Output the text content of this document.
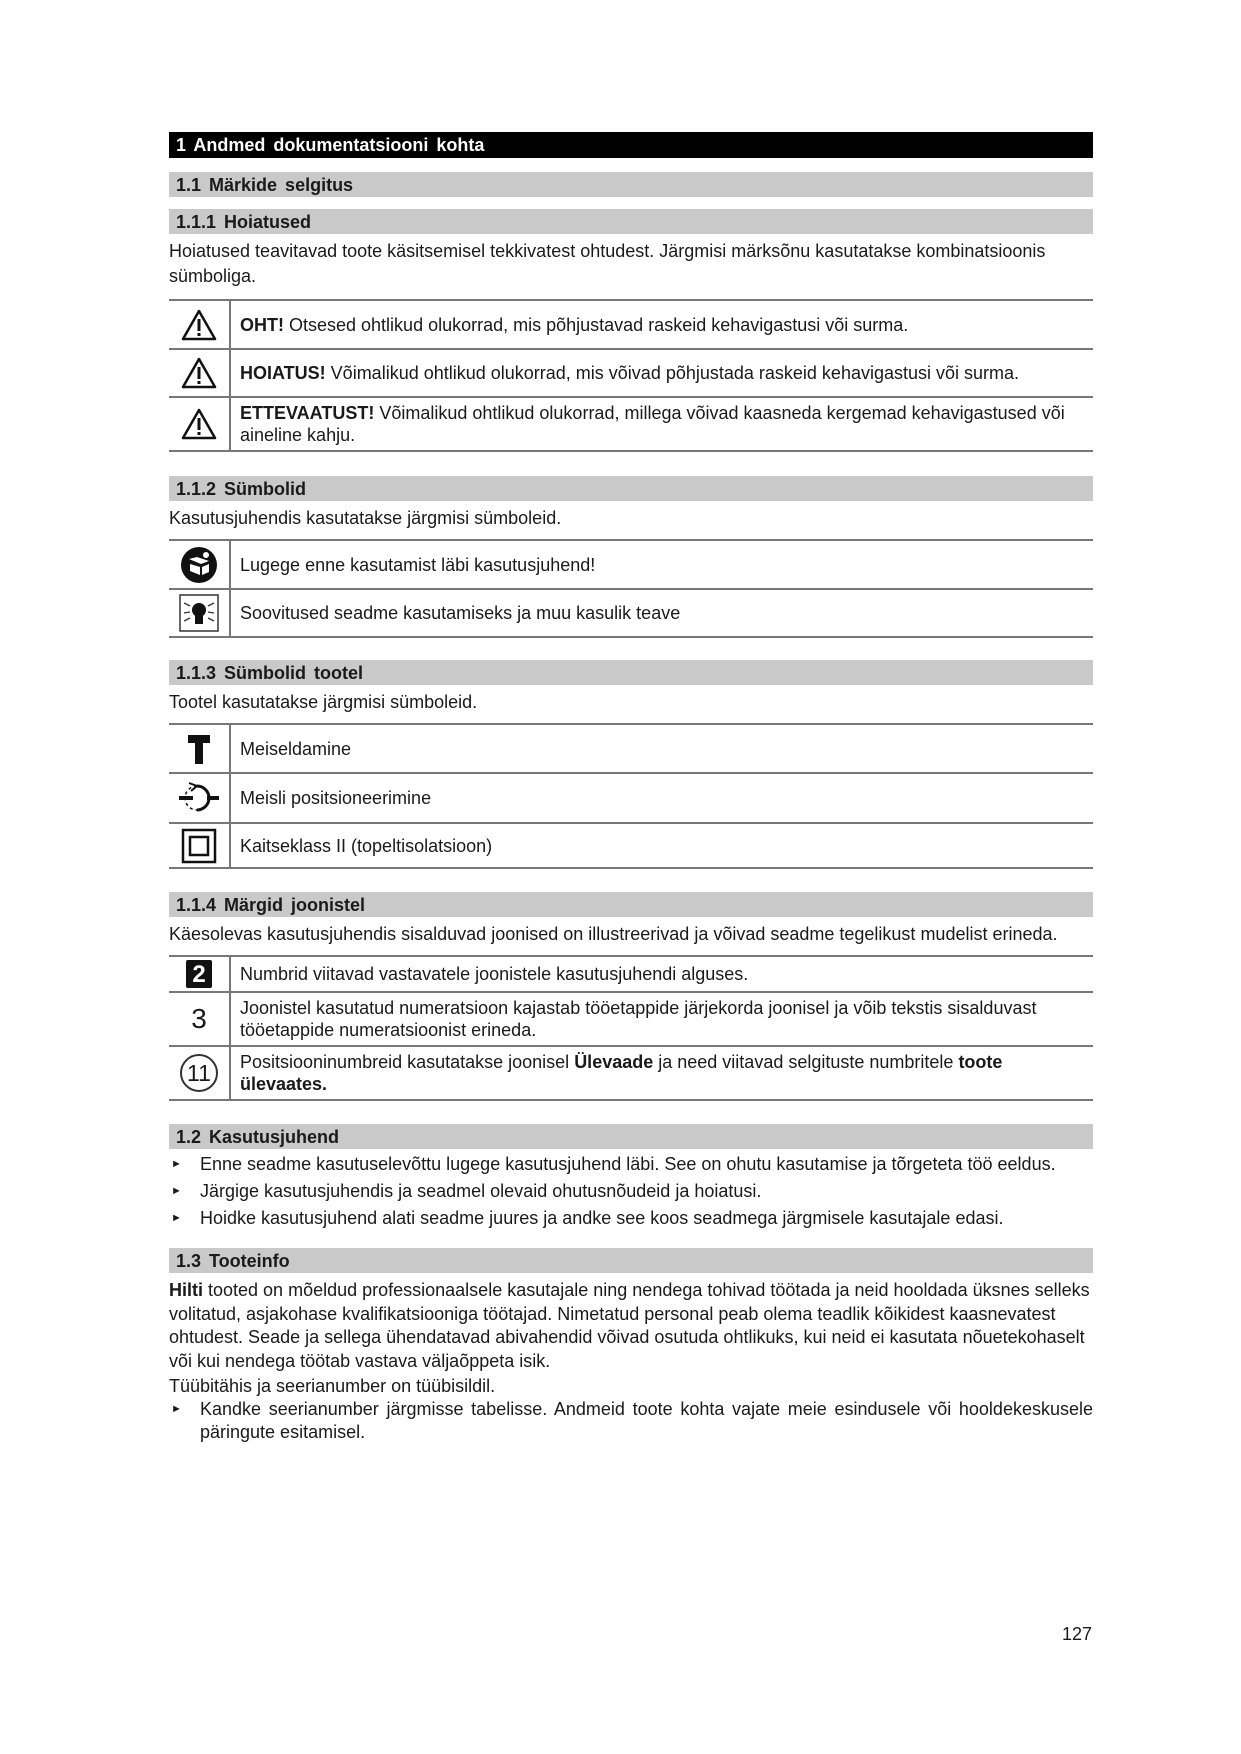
1 Andmed dokumentatsiooni kohta
1.1 Märkide selgitus
1.1.1 Hoiatused

Hoiatused teavitavad toote käsitsemisel tekkivatest ohtudest. Järgmisi märksõnu kasutatakse kombinatsioonis sümboliga.

	OHT! Otsesed ohtlikud olukorrad, mis põhjustavad raskeid kehavigastusi või surma.

	HOIATUS! Võimalikud ohtlikud olukorrad, mis võivad põhjustada raskeid kehavigastusi või surma.

	ETTEVAATUST! Võimalikud ohtlikud olukorrad, millega võivad kaasneda kergemad kehavigastused või aineline kahju.
1.1.2 Sümbolid

Kasutusjuhendis kasutatakse järgmisi sümboleid.

	Lugege enne kasutamist läbi kasutusjuhend!

	Soovitused seadme kasutamiseks ja muu kasulik teave
1.1.3 Sümbolid tootel

Tootel kasutatakse järgmisi sümboleid.

	Meiseldamine

	Meisli positsioneerimine

	Kaitseklass II (topeltisolatsioon)
1.1.4 Märgid joonistel

Käesolevas kasutusjuhendis sisalduvad joonised on illustreerivad ja võivad seadme tegelikust mudelist erineda.

2	Numbrid viitavad vastavatele joonistele kasutusjuhendi alguses.
3	Joonistel kasutatud numeratsioon kajastab tööetappide järjekorda joonisel ja võib tekstis sisalduvast tööetappide numeratsioonist erineda.
11	Positsiooninumbreid kasutatakse joonisel Ülevaade ja need viitavad selgituste numbritele toote ülevaates.
1.2 Kasutusjuhend
► Enne seadme kasutuselevõttu lugege kasutusjuhend läbi. See on ohutu kasutamise ja tõrgeteta töö eeldus.
► Järgige kasutusjuhendis ja seadmel olevaid ohutusnõudeid ja hoiatusi.
► Hoidke kasutusjuhend alati seadme juures ja andke see koos seadmega järgmisele kasutajale edasi.
1.3 Tooteinfo

Hilti tooted on mõeldud professionaalsele kasutajale ning nendega tohivad töötada ja neid hooldada üksnes selleks volitatud, asjakohase kvalifikatsiooniga töötajad. Nimetatud personal peab olema teadlik kõikidest kaasnevatest ohtudest. Seade ja sellega ühendatavad abivahendid võivad osutuda ohtlikuks, kui neid ei kasutata nõuetekohaselt või kui nendega töötab vastava väljaõppeta isik.

Tüübitähis ja seerianumber on tüübisildil.

► Kandke seerianumber järgmisse tabelisse. Andmeid toote kohta vajate meie esindusele või hooldekeskusele päringute esitamisel.
127
